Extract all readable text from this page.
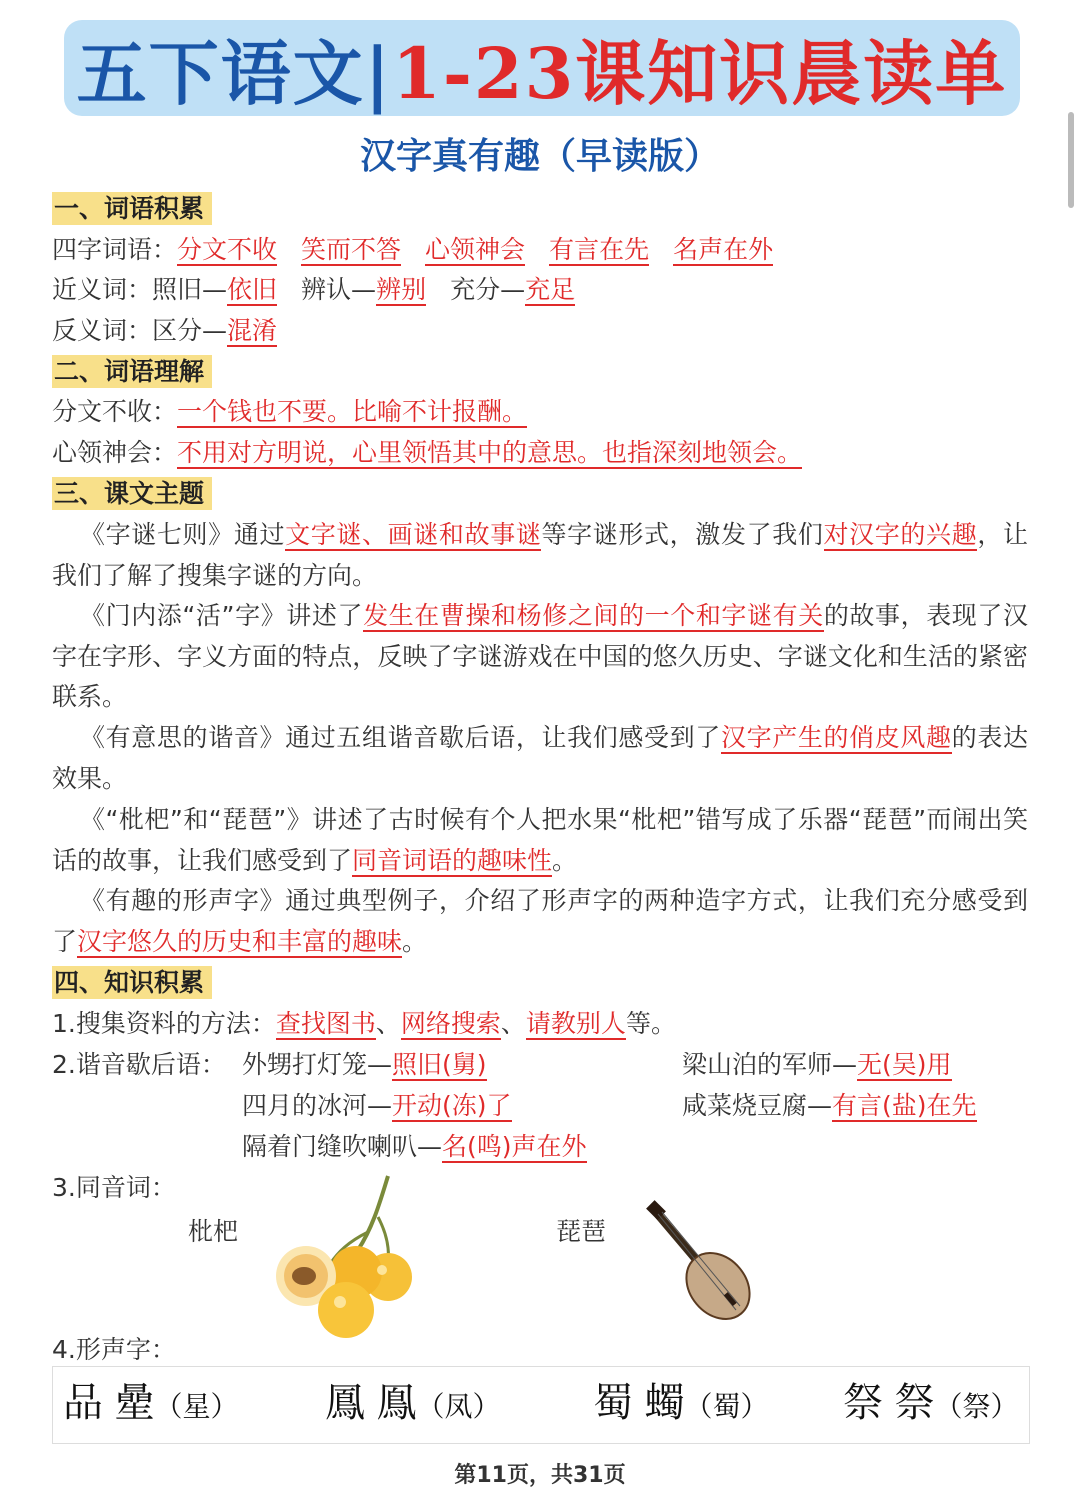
五下语文|1-23课知识晨读单
汉字真有趣（早读版）
一、词语积累
四字词语：分文不收 笑而不答 心领神会 有言在先 名声在外
近义词：照旧—依旧 辨认—辨别 充分—充足
反义词：区分—混淆
二、词语理解
分文不收：一个钱也不要。比喻不计报酬。
心领神会：不用对方明说，心里领悟其中的意思。也指深刻地领会。
三、课文主题
《字谜七则》通过文字谜、画谜和故事谜等字谜形式，激发了我们对汉字的兴趣，让我们了解了搜集字谜的方向。
《门内添“活”字》讲述了发生在曹操和杨修之间的一个和字谜有关的故事，表现了汉字在字形、字义方面的特点，反映了字谜游戏在中国的悠久历史、字谜文化和生活的紧密联系。
《有意思的谐音》通过五组谐音歇后语，让我们感受到了汉字产生的俏皮风趣的表达效果。
《“枇杷”和“琵琶”》讲述了古时候有个人把水果“枇杷”错写成了乐器“琵琶”而闹出笑话的故事，让我们感受到了同音词语的趣味性。
《有趣的形声字》通过典型例子，介绍了形声字的两种造字方式，让我们充分感受到了汉字悠久的历史和丰富的趣味。
四、知识积累
1.搜集资料的方法：查找图书、网络搜索、请教别人等。
2.谐音歇后语： 外甥打灯笼—照旧(舅)	梁山泊的军师—无(吴)用
四月的冰河—开动(冻)了	咸菜烧豆腐—有言(盐)在先
隔着门缝吹喇叭—名(鸣)声在外
3.同音词：
枇杷	琵琶
4.形声字：
品 曐（星） 鳳 鳯（凤） 蜀 蠋（蜀） 祭 祭（祭）
第11页，共31页
